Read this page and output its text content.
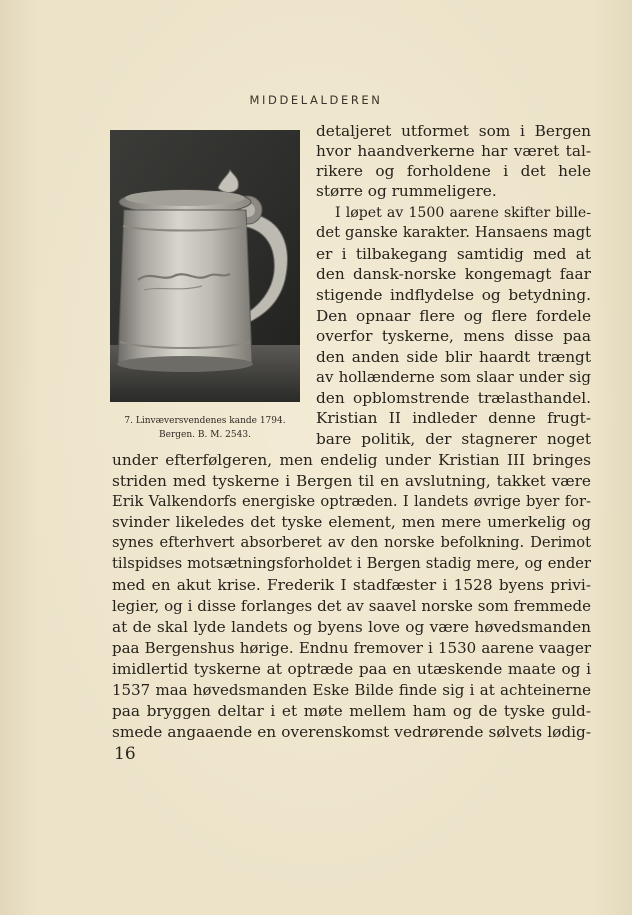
MIDDELALDEREN
7. Linvæversvendenes kande 1794.
Bergen. B. M. 2543.
detaljeret utformet som i Bergen
hvor haandverkerne har været tal-
rikere og forholdene i det hele
større og rummeligere.
I løpet av 1500 aarene skifter bille-
det ganske karakter. Hansaens magt
er i tilbakegang samtidig med at
den dansk-norske kongemagt faar
stigende indflydelse og betydning.
Den opnaar flere og flere fordele
overfor tyskerne, mens disse paa
den anden side blir haardt trængt
av hollænderne som slaar under sig
den opblomstrende trælasthandel.
Kristian II indleder denne frugt-
bare politik, der stagnerer noget
under efterfølgeren, men endelig under Kristian III bringes
striden med tyskerne i Bergen til en avslutning, takket være
Erik Valkendorfs energiske optræden. I landets øvrige byer for-
svinder likeledes det tyske element, men mere umerkelig og
synes efterhvert absorberet av den norske befolkning. Derimot
tilspidses motsætningsforholdet i Bergen stadig mere, og ender
med en akut krise. Frederik I stadfæster i 1528 byens privi-
legier, og i disse forlanges det av saavel norske som fremmede
at de skal lyde landets og byens love og være høvedsmanden
paa Bergenshus hørige. Endnu fremover i 1530 aarene vaager
imidlertid tyskerne at optræde paa en utæskende maate og i
1537 maa høvedsmanden Eske Bilde finde sig i at achteinerne
paa bryggen deltar i et møte mellem ham og de tyske guld-
smede angaaende en overenskomst vedrørende sølvets lødig-
16
